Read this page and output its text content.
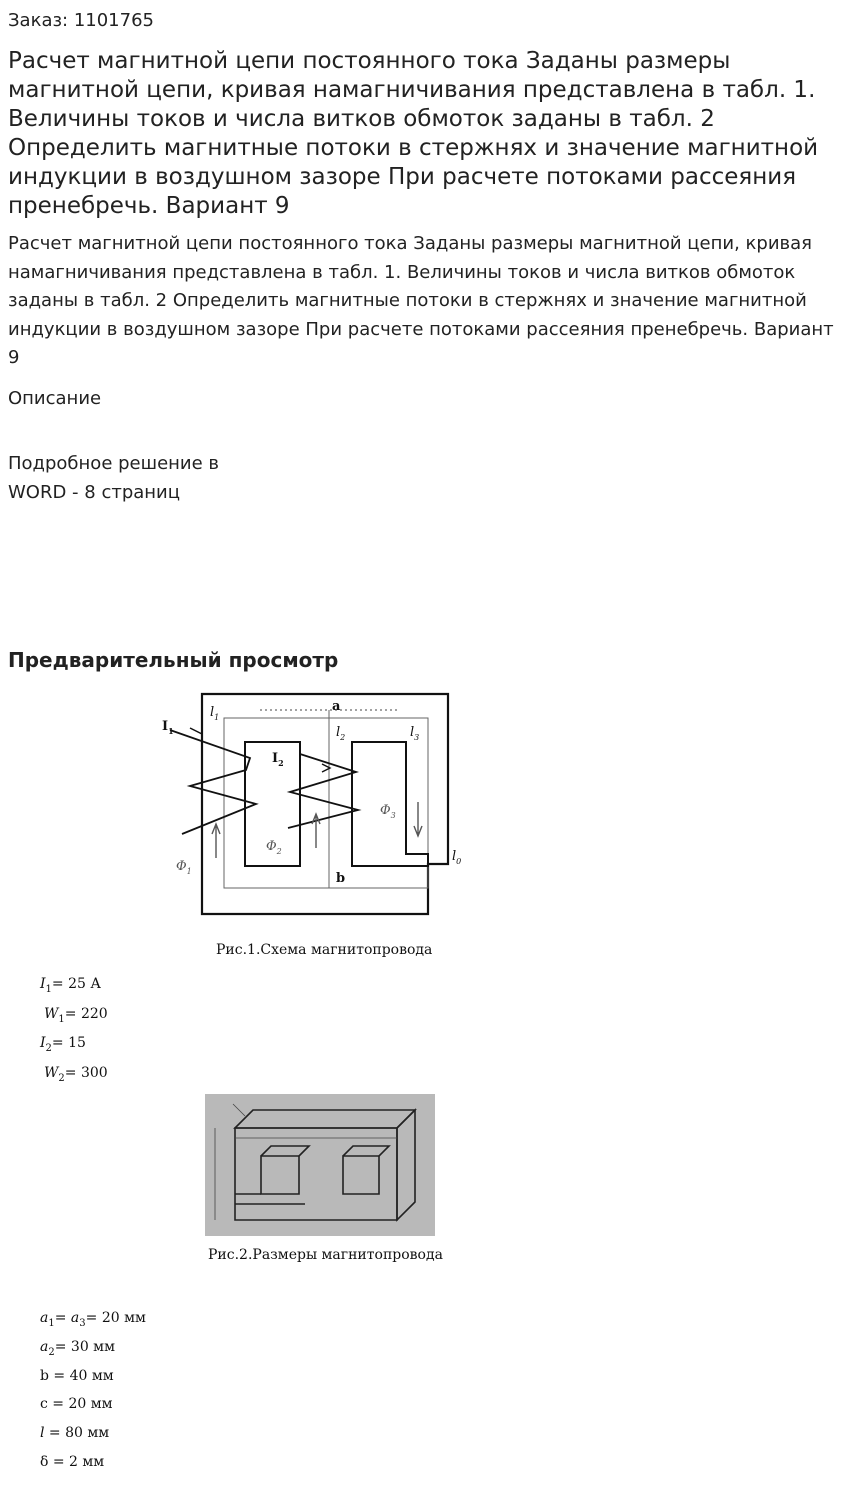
Заказ: 1101765
Расчет магнитной цепи постоянного тока Заданы размеры магнитной цепи, кривая намагничивания представлена в табл. 1. Величины токов и числа витков обмоток заданы в табл. 2 Определить магнитные потоки в стержнях и значение магнитной индукции в воздушном зазоре При расчете потоками рассеяния пренебречь. Вариант 9

Расчет магнитной цепи постоянного тока Заданы размеры магнитной цепи, кривая намагничивания представлена в табл. 1. Величины токов и числа витков обмоток заданы в табл. 2 Определить магнитные потоки в стержнях и значение магнитной индукции в воздушном зазоре При расчете потоками рассеяния пренебречь. Вариант 9

Описание
Подробное решение в
WORD - 8 страниц
Предварительный просмотр
$I_1$
$I_2$
$l_1$
$l_2$	$l_3$
$l_0$
a
b
$\Phi_1$
$\Phi_2$
$\Phi_3$
Рис.1.Схема магнитопровода
$I_1= 25$ А
$W_1= 220$
$I_2= 15$
$W_2= 300$
Рис.2.Размеры магнитопровода
$a_1= a_3= 20$ мм
$a_2= 30$ мм
b = 40 мм
c = 20 мм
l = 80 мм
δ = 2 мм
